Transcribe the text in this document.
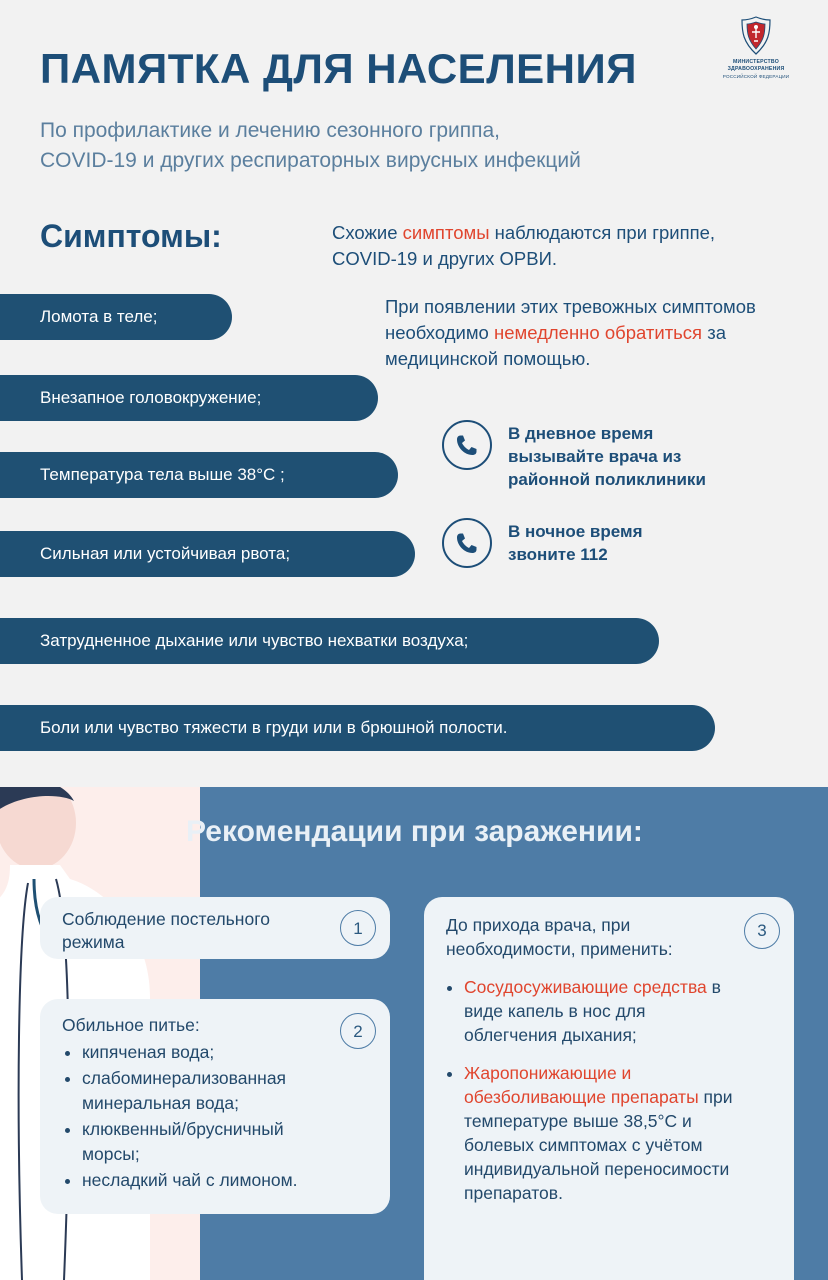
МИНИСТЕРСТВО
ЗДРАВООХРАНЕНИЯ
РОССИЙСКОЙ ФЕДЕРАЦИИ
ПАМЯТКА ДЛЯ НАСЕЛЕНИЯ
По профилактике и лечению сезонного гриппа,
COVID-19 и других респираторных вирусных инфекций
Симптомы:
Ломота в теле;
Внезапное головокружение;
Температура тела выше 38°С ;
Сильная или устойчивая рвота;
Затрудненное дыхание или чувство нехватки воздуха;
Боли или чувство тяжести в груди или в брюшной полости.

Схожие симптомы наблюдаются при гриппе, COVID-19 и других ОРВИ.

При появлении этих тревожных симптомов необходимо немедленно обратиться за медицинской помощью.

В дневное время
вызывайте врача из
районной поликлиники
В ночное время
звоните 112
Рекомендации при заражении:
Соблюдение постельного режима
1
Обильное питье:
• кипяченая вода;
• слабоминерализованная минеральная вода;
• клюквенный/брусничный морсы;
• несладкий чай с лимоном.
2
До прихода врача, при необходимости, применить:
• Сосудосуживающие средства в виде капель в нос для облегчения дыхания;
• Жаропонижающие и обезболивающие препараты при температуре выше 38,5°С и болевых симптомах с учётом индивидуальной переносимости препаратов.
3
